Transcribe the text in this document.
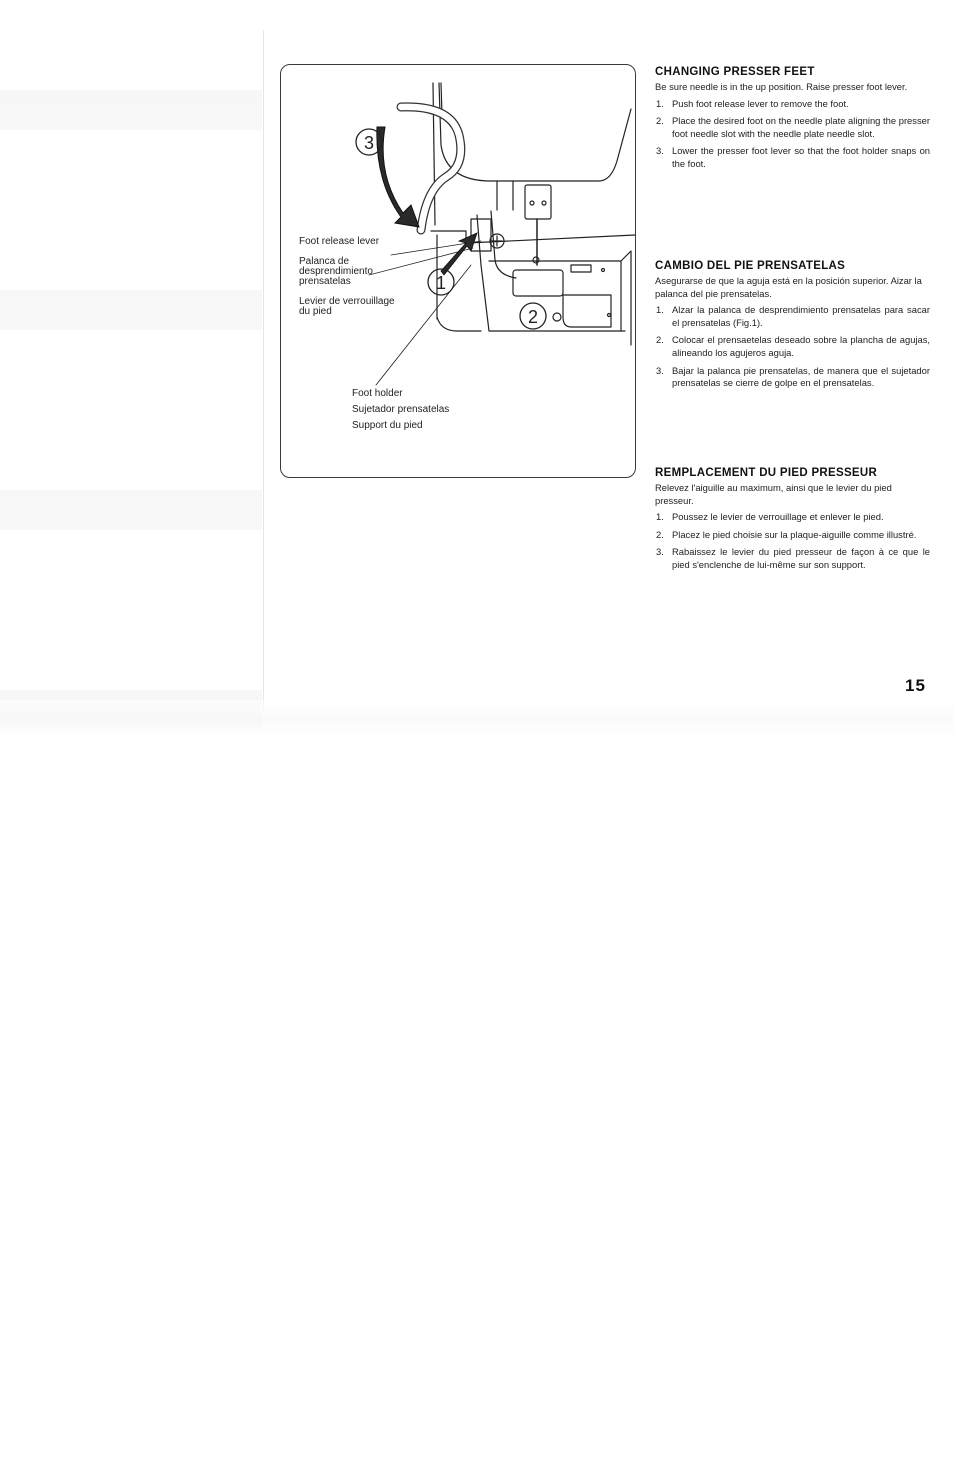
3
1
2
Foot release lever
Palanca de
desprendimiento
prensatelas
Levier de verrouillage
du pied
Foot holder
Sujetador prensatelas
Support du pied
CHANGING PRESSER FEET

Be sure needle is in the up position. Raise presser foot lever.

1. Push foot release lever to remove the foot.
2. Place the desired foot on the needle plate aligning the presser foot needle slot with the needle plate needle slot.
3. Lower the presser foot lever so that the foot holder snaps on the foot.
CAMBIO DEL PIE PRENSATELAS

Asegurarse de que la aguja está en la posición superior. Aizar la palanca del pie prensatelas.

1. Alzar la palanca de desprendimiento prensatelas para sacar el prensatelas (Fig.1).
2. Colocar el prensaetelas deseado sobre la plancha de agujas, alineando los agujeros aguja.
3. Bajar la palanca pie prensatelas, de manera que el sujetador prensatelas se cierre de golpe en el prensatelas.
REMPLACEMENT DU PIED PRESSEUR

Relevez l'aiguille au maximum, ainsi que le levier du pied presseur.

1. Poussez le levier de verrouillage et enlever le pied.
2. Placez le pied choisie sur la plaque-aiguille comme illustré.
3. Rabaissez le levier du pied presseur de façon à ce que le pied s'enclenche de lui-même sur son support.
15
